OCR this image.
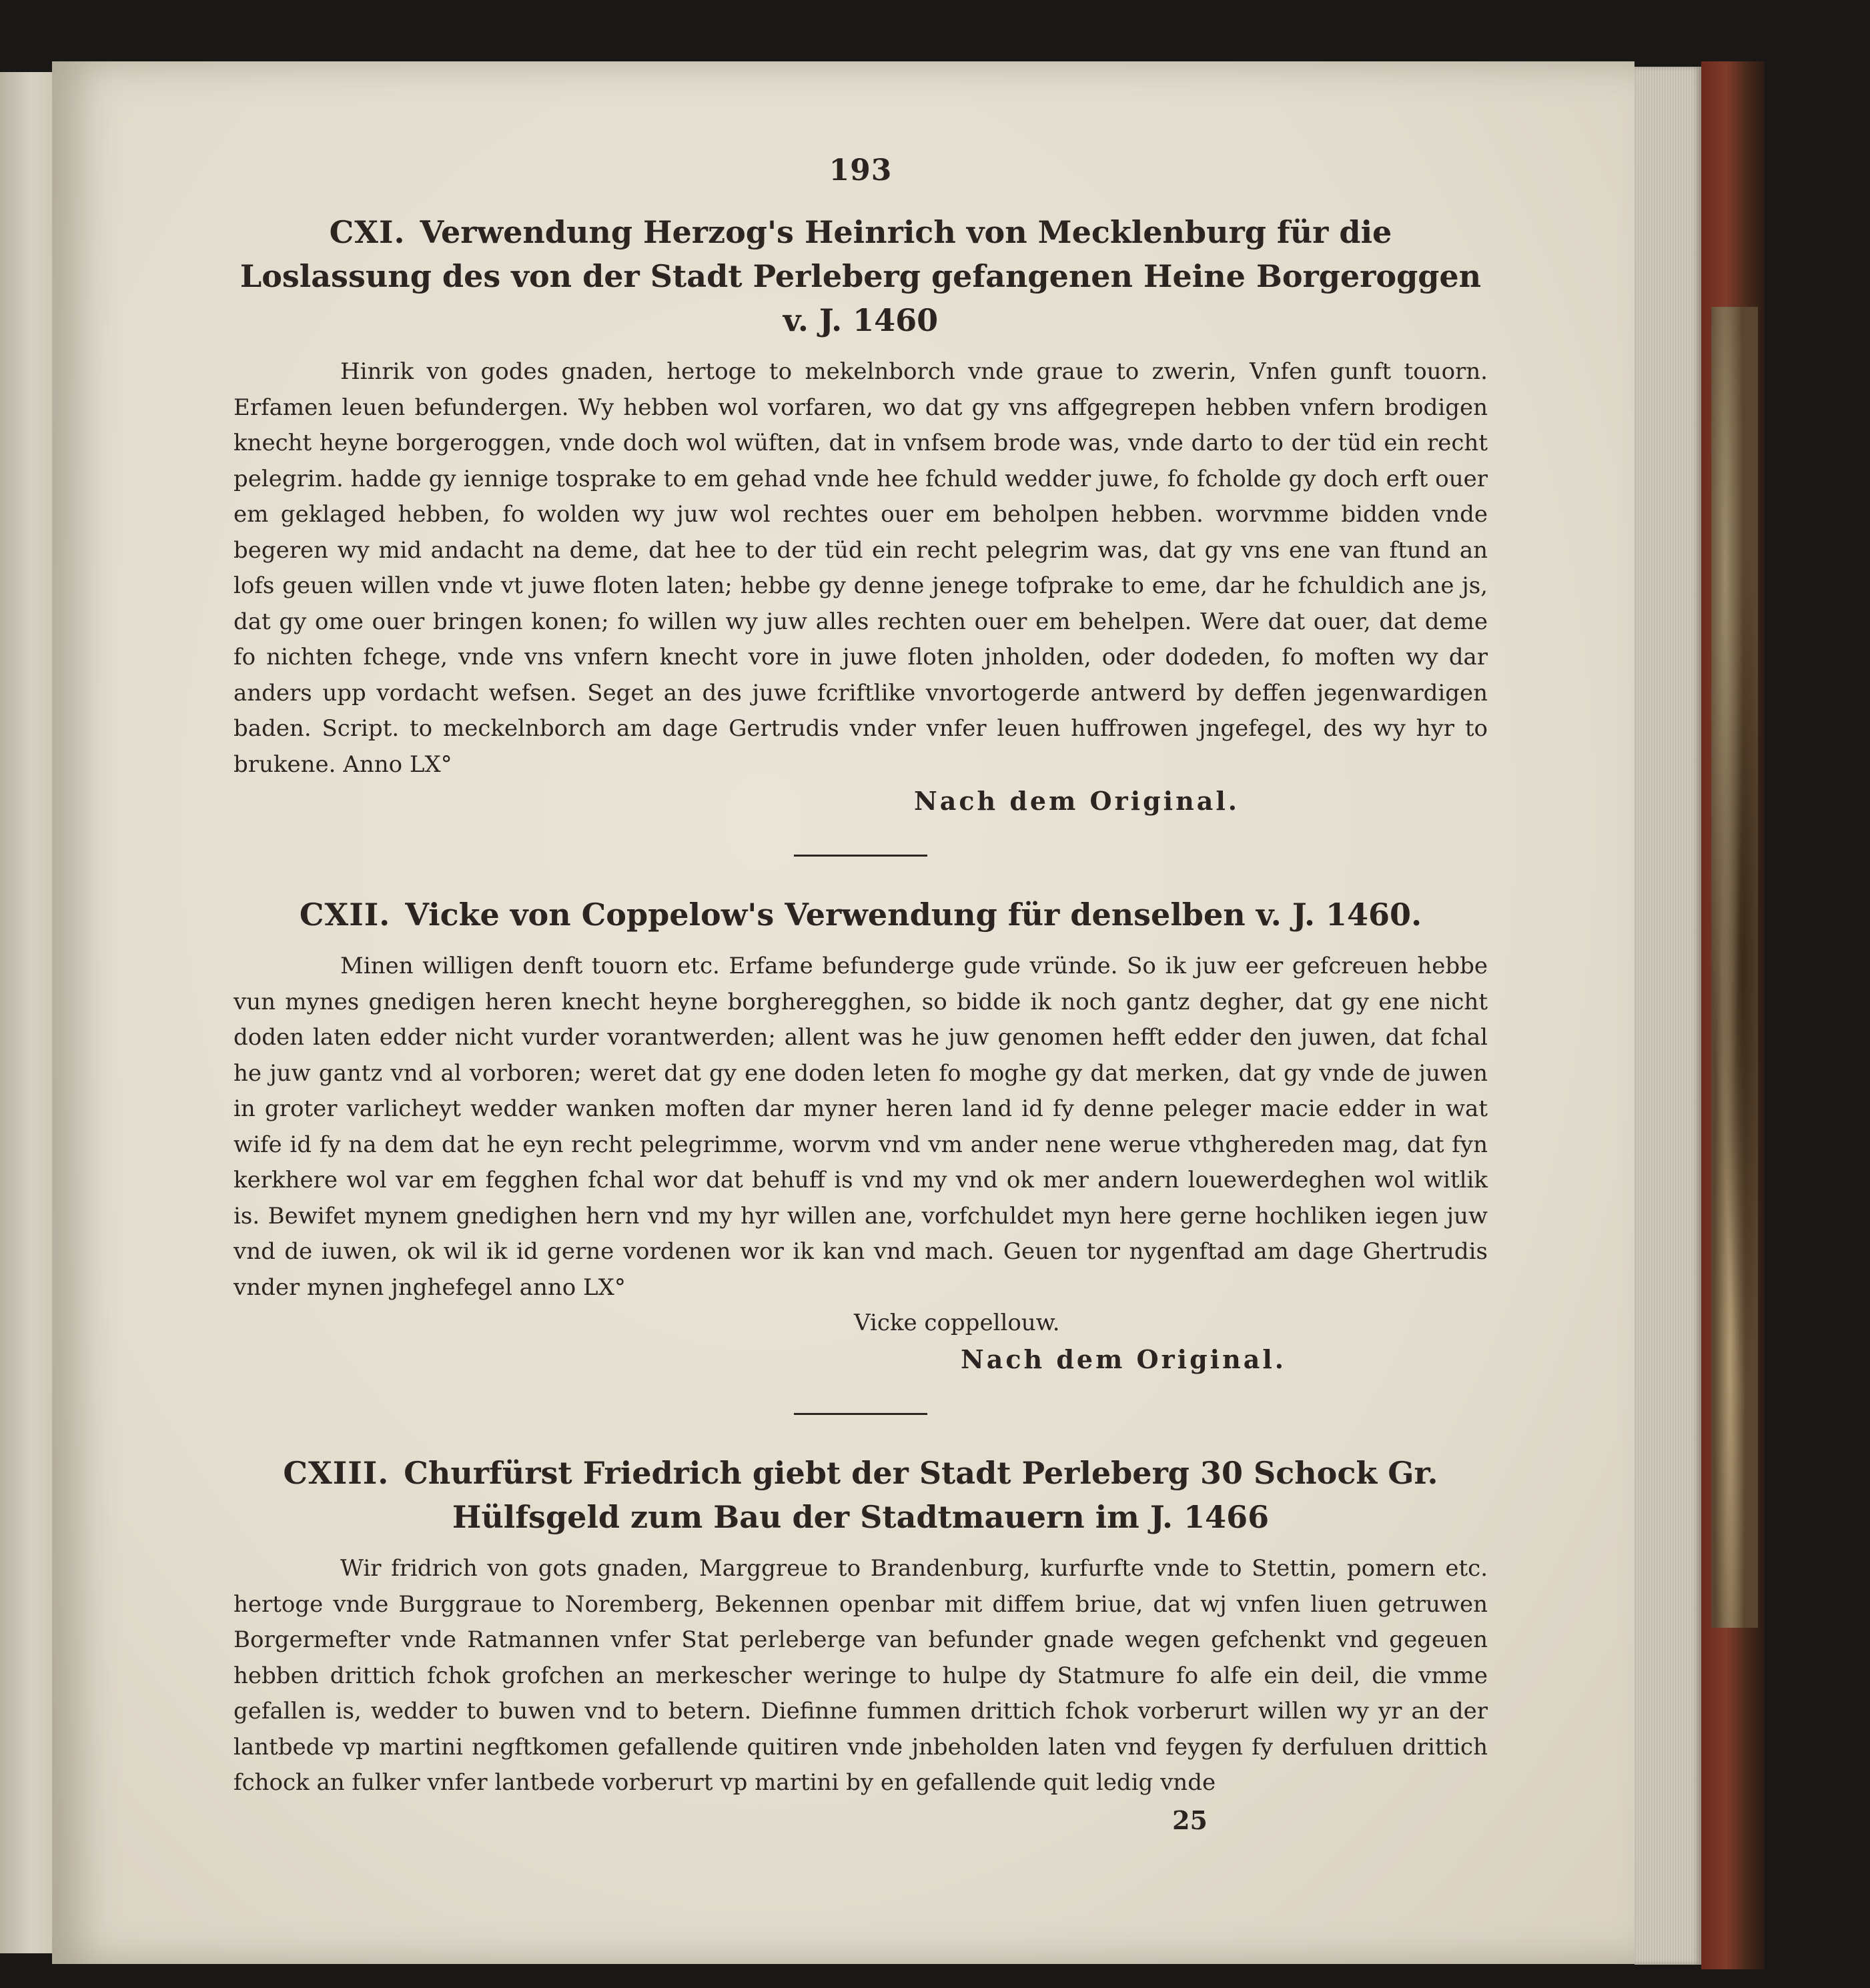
193
CXI. Verwendung Herzog's Heinrich von Mecklenburg für die Loslassung des von der Stadt Perleberg gefangenen Heine Borgeroggen v. J. 1460

Hinrik von godes gnaden, hertoge to mekelnborch vnde graue to zwerin, Vnfen gunft touorn. Erfamen leuen befundergen. Wy hebben wol vorfaren, wo dat gy vns affgegrepen hebben vnfern brodigen knecht heyne borgeroggen, vnde doch wol wüften, dat in vnfsem brode was, vnde darto to der tüd ein recht pelegrim. hadde gy iennige tosprake to em gehad vnde hee fchuld wedder juwe, fo fcholde gy doch erft ouer em geklaged hebben, fo wolden wy juw wol rechtes ouer em beholpen hebben. worvmme bidden vnde begeren wy mid andacht na deme, dat hee to der tüd ein recht pelegrim was, dat gy vns ene van ftund an lofs geuen willen vnde vt juwe floten laten; hebbe gy denne jenege tofprake to eme, dar he fchuldich ane js, dat gy ome ouer bringen konen; fo willen wy juw alles rechten ouer em behelpen. Were dat ouer, dat deme fo nichten fchege, vnde vns vnfern knecht vore in juwe floten jnholden, oder dodeden, fo moften wy dar anders upp vordacht wefsen. Seget an des juwe fcriftlike vnvortogerde antwerd by deffen jegenwardigen baden. Script. to meckelnborch am dage Gertrudis vnder vnfer leuen huffrowen jngefegel, des wy hyr to brukene. Anno LX°

Nach dem Original.

CXII. Vicke von Coppelow's Verwendung für denselben v. J. 1460.

Minen willigen denft touorn etc. Erfame befunderge gude vründe. So ik juw eer gefcreuen hebbe vun mynes gnedigen heren knecht heyne borgheregghen, so bidde ik noch gantz degher, dat gy ene nicht doden laten edder nicht vurder vorantwerden; allent was he juw genomen hefft edder den juwen, dat fchal he juw gantz vnd al vorboren; weret dat gy ene doden leten fo moghe gy dat merken, dat gy vnde de juwen in groter varlicheyt wedder wanken moften dar myner heren land id fy denne peleger macie edder in wat wife id fy na dem dat he eyn recht pelegrimme, worvm vnd vm ander nene werue vthghereden mag, dat fyn kerkhere wol var em fegghen fchal wor dat behuff is vnd my vnd ok mer andern louewerdeghen wol witlik is. Bewifet mynem gnedighen hern vnd my hyr willen ane, vorfchuldet myn here gerne hochliken iegen juw vnd de iuwen, ok wil ik id gerne vordenen wor ik kan vnd mach. Geuen tor nygenftad am dage Ghertrudis vnder mynen jnghefegel anno LX°

Vicke coppellouw.

Nach dem Original.

CXIII. Churfürst Friedrich giebt der Stadt Perleberg 30 Schock Gr. Hülfsgeld zum Bau der Stadtmauern im J. 1466

Wir fridrich von gots gnaden, Marggreue to Brandenburg, kurfurfte vnde to Stettin, pomern etc. hertoge vnde Burggraue to Noremberg, Bekennen openbar mit diffem briue, dat wj vnfen liuen getruwen Borgermefter vnde Ratmannen vnfer Stat perleberge van befunder gnade wegen gefchenkt vnd gegeuen hebben drittich fchok grofchen an merkescher weringe to hulpe dy Statmure fo alfe ein deil, die vmme gefallen is, wedder to buwen vnd to betern. Diefinne fummen drittich fchok vorberurt willen wy yr an der lantbede vp martini negftkomen gefallende quitiren vnde jnbeholden laten vnd feygen fy derfuluen drittich fchock an fulker vnfer lantbede vorberurt vp martini by en gefallende quit ledig vnde

25
